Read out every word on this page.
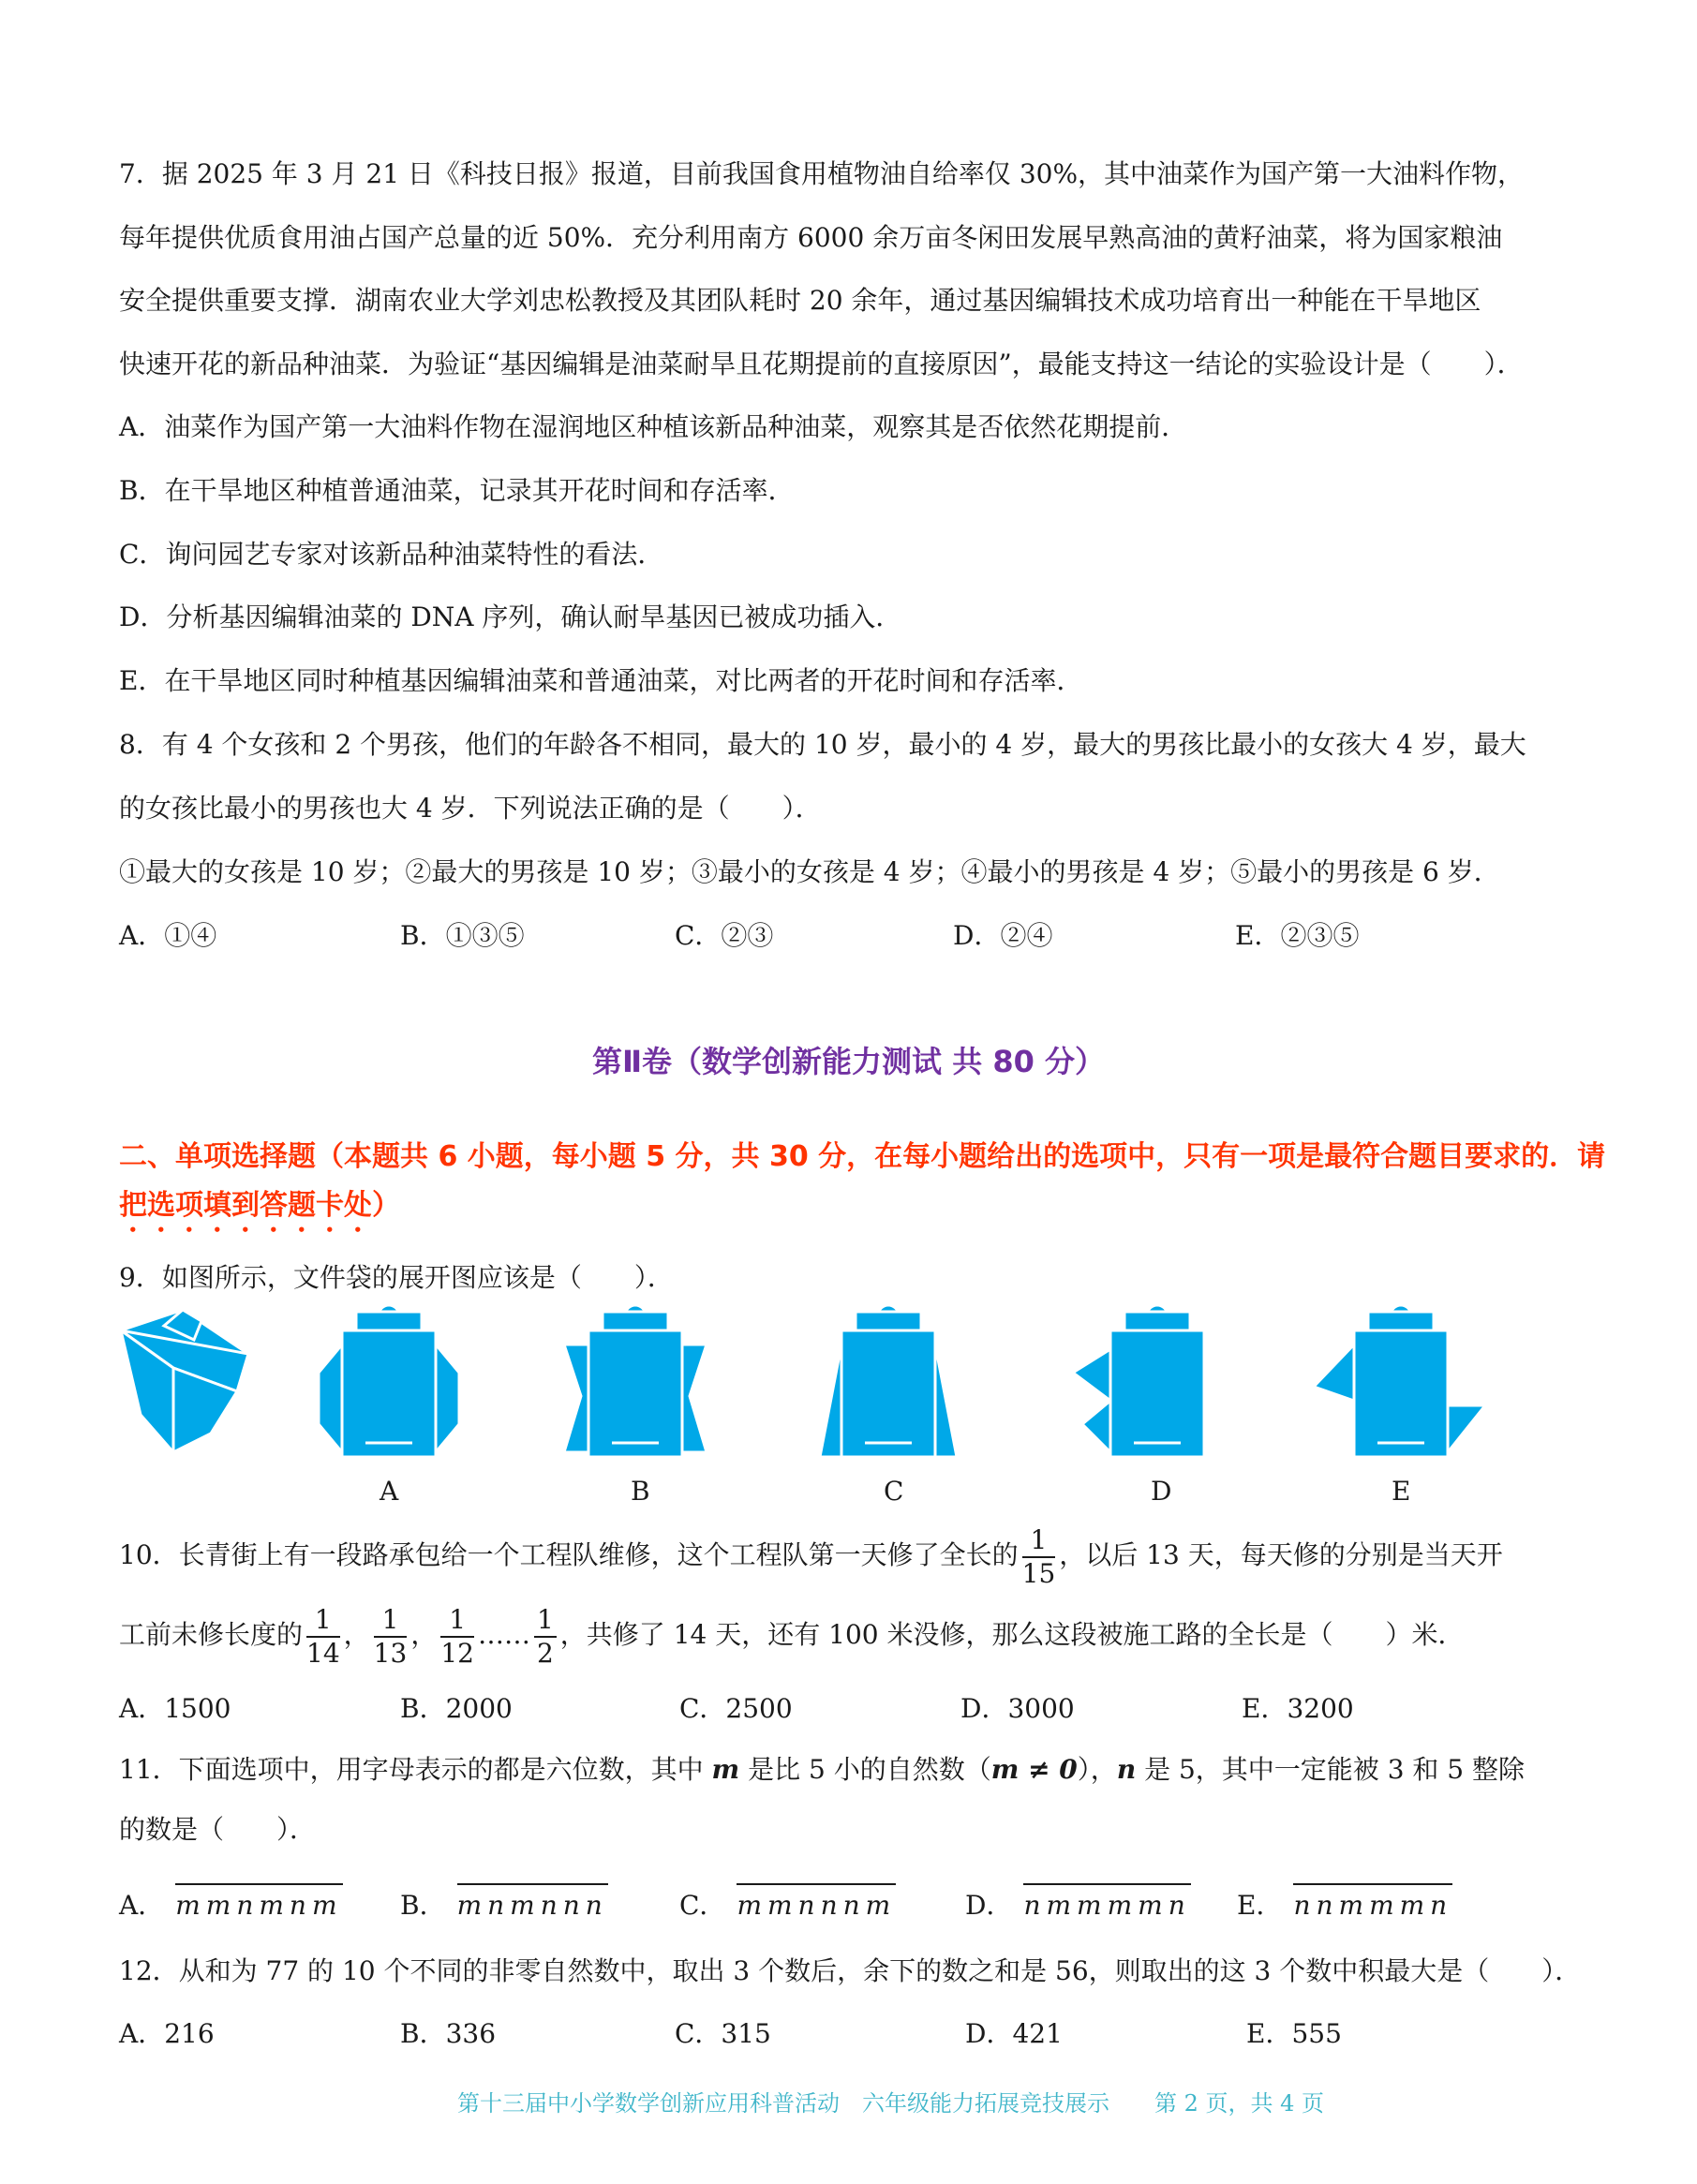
7．据 2025 年 3 月 21 日《科技日报》报道，目前我国食用植物油自给率仅 30%，其中油菜作为国产第一大油料作物，
每年提供优质食用油占国产总量的近 50%．充分利用南方 6000 余万亩冬闲田发展早熟高油的黄籽油菜，将为国家粮油
安全提供重要支撑．湖南农业大学刘忠松教授及其团队耗时 20 余年，通过基因编辑技术成功培育出一种能在干旱地区
快速开花的新品种油菜．为验证“基因编辑是油菜耐旱且花期提前的直接原因”，最能支持这一结论的实验设计是（　　）．
A．油菜作为国产第一大油料作物在湿润地区种植该新品种油菜，观察其是否依然花期提前．
B．在干旱地区种植普通油菜，记录其开花时间和存活率．
C．询问园艺专家对该新品种油菜特性的看法．
D．分析基因编辑油菜的 DNA 序列，确认耐旱基因已被成功插入．
E．在干旱地区同时种植基因编辑油菜和普通油菜，对比两者的开花时间和存活率．
8．有 4 个女孩和 2 个男孩，他们的年龄各不相同，最大的 10 岁，最小的 4 岁，最大的男孩比最小的女孩大 4 岁，最大
的女孩比最小的男孩也大 4 岁．下列说法正确的是（　　）．
①最大的女孩是 10 岁；②最大的男孩是 10 岁；③最小的女孩是 4 岁；④最小的男孩是 4 岁；⑤最小的男孩是 6 岁．
A．①④	B．①③⑤	C．②③	D．②④	E．②③⑤
第Ⅱ卷（数学创新能力测试 共 80 分）
二、单项选择题（本题共 6 小题，每小题 5 分，共 30 分，在每小题给出的选项中，只有一项是最符合题目要求的．请
把选项填到答题卡处）
9．如图所示，文件袋的展开图应该是（　　）．
A	B	C	D	E
10．长青街上有一段路承包给一个工程队维修，这个工程队第一天修了全长的 $\frac{1}{15}$ ，以后 13 天，每天修的分别是当天开
工前未修长度的 $\frac{1}{14}$ ， $\frac{1}{13}$ ， $\frac{1}{12}$ …… $\frac{1}{2}$ ，共修了 14 天，还有 100 米没修，那么这段被施工路的全长是（　　）米．
A．1500	B．2000	C．2500	D．3000	E．3200
11．下面选项中，用字母表示的都是六位数，其中 m 是比 5 小的自然数（m ≠ 0），n 是 5，其中一定能被 3 和 5 整除
的数是（　　）．
A． mmnmnm B． mnmnnn	C． mmnnnm	D． nmmmmn E． nnmmmn
12．从和为 77 的 10 个不同的非零自然数中，取出 3 个数后，余下的数之和是 56，则取出的这 3 个数中积最大是（　　）．
A．216	B．336	C．315	D．421	E．555
第十三届中小学数学创新应用科普活动　六年级能力拓展竞技展示　　第 2 页，共 4 页
